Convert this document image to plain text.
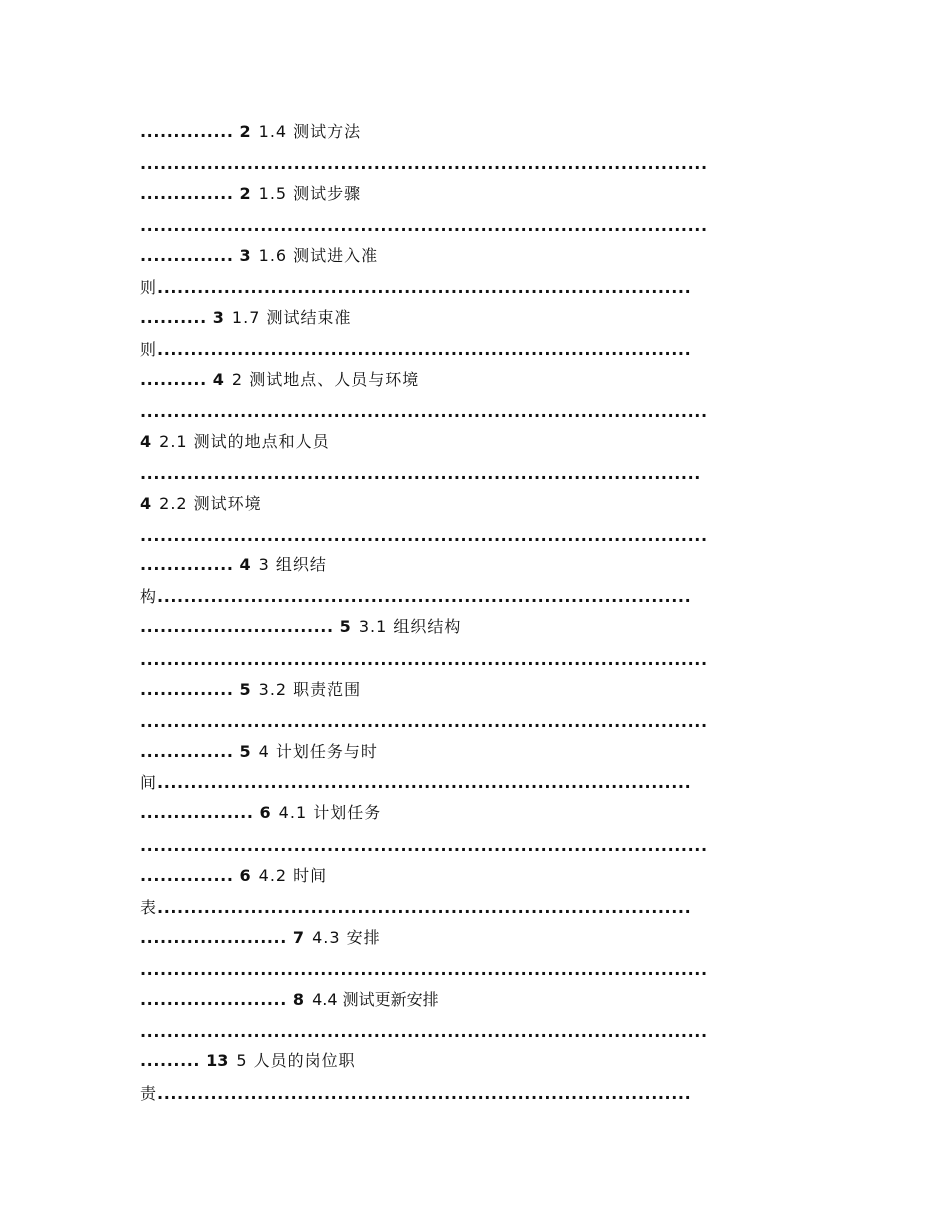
.............. 2 1.4 测试方法
.....................................................................................
.............. 2 1.5 测试步骤
.....................................................................................
.............. 3 1.6 测试进入准
则................................................................................
.......... 3 1.7 测试结束准
则................................................................................
.......... 4 2 测试地点、人员与环境
.....................................................................................
4 2.1 测试的地点和人员
....................................................................................
4 2.2 测试环境
.....................................................................................
.............. 4 3 组织结
构................................................................................
............................. 5 3.1 组织结构
.....................................................................................
.............. 5 3.2 职责范围
.....................................................................................
.............. 5 4 计划任务与时
间................................................................................
................. 6 4.1 计划任务
.....................................................................................
.............. 6 4.2 时间
表................................................................................
...................... 7 4.3 安排
.....................................................................................
...................... 8 4.4 测试更新安排
.....................................................................................
......... 13 5 人员的岗位职
责................................................................................
